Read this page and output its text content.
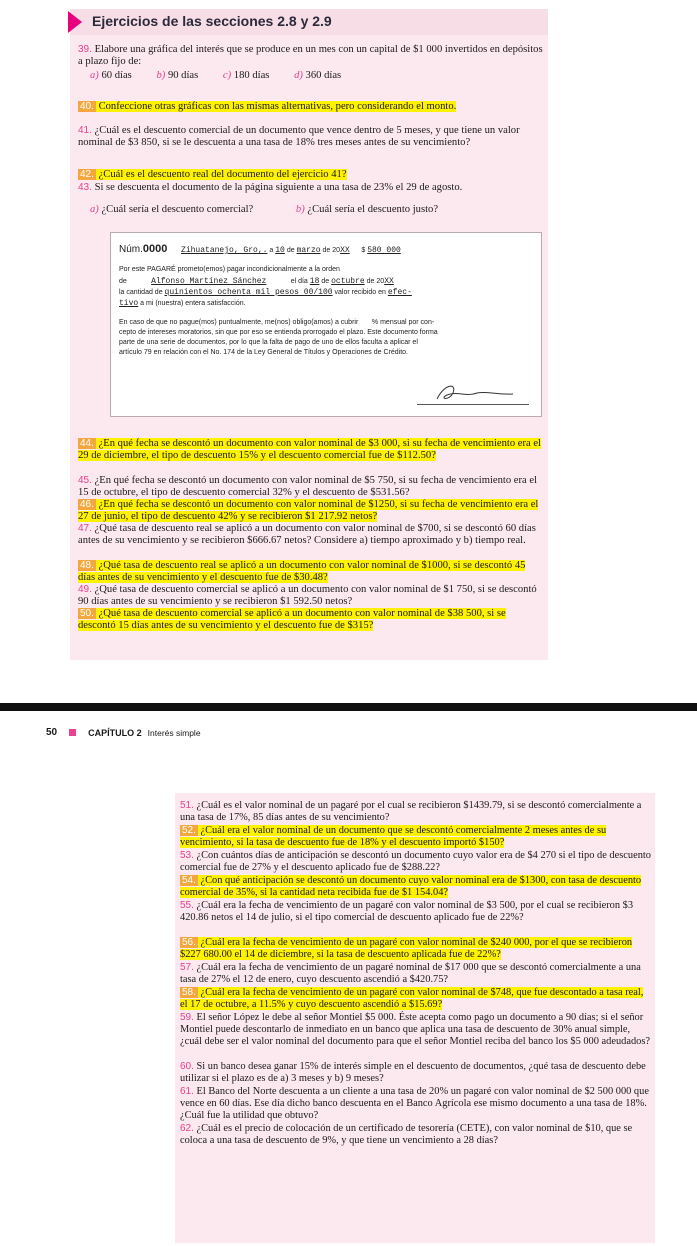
Ejercicios de las secciones 2.8 y 2.9
39. Elabore una gráfica del interés que se produce en un mes con un capital de $1 000 invertidos en depósitos a plazo fijo de:
a) 60 días b) 90 días c) 180 días d) 360 días
40. Confeccione otras gráficas con las mismas alternativas, pero considerando el monto.
41. ¿Cuál es el descuento comercial de un documento que vence dentro de 5 meses, y que tiene un valor nominal de $3 850, si se le descuenta a una tasa de 18% tres meses antes de su vencimiento?
42. ¿Cuál es el descuento real del documento del ejercicio 41?
43. Si se descuenta el documento de la página siguiente a una tasa de 23% el 29 de agosto.
a) ¿Cuál sería el descuento comercial?	b) ¿Cuál sería el descuento justo?
Núm.0000 Zihuatanejo, Gro,. a 10 de marzo de 20XX $ 580 000
Por este PAGARÉ prometo(emos) pagar incondicionalmente a la orden
de	Alfonso Martínez Sánchez	el día 18 de octubre de 20XX
la cantidad de quinientos ochenta mil pesos 00/100 valor recibido en efec-
tivo a mi (nuestra) entera satisfacción.
En caso de que no pague(mos) puntualmente, me(nos) obligo(amos) a cubrir % mensual por con-
cepto de intereses moratorios, sin que por eso se entienda prorrogado el plazo. Este documento forma
parte de una serie de documentos, por lo que la falta de pago de uno de ellos faculta a aplicar el
artículo 79 en relación con el No. 174 de la Ley General de Títulos y Operaciones de Crédito.
44. ¿En qué fecha se descontó un documento con valor nominal de $3 000, si su fecha de vencimiento era el 29 de diciembre, el tipo de descuento 15% y el descuento comercial fue de $112.50?
45. ¿En qué fecha se descontó un documento con valor nominal de $5 750, si su fecha de vencimiento era el 15 de octubre, el tipo de descuento comercial 32% y el descuento de $531.56?
46. ¿En qué fecha se descontó un documento con valor nominal de $1250, si su fecha de vencimiento era el 27 de junio, el tipo de descuento 42% y se recibieron $1 217.92 netos?
47. ¿Qué tasa de descuento real se aplicó a un documento con valor nominal de $700, si se descontó 60 días antes de su vencimiento y se recibieron $666.67 netos? Considere a) tiempo aproximado y b) tiempo real.
48. ¿Qué tasa de descuento real se aplicó a un documento con valor nominal de $1000, si se descontó 45 días antes de su vencimiento y el descuento fue de $30.48?
49. ¿Qué tasa de descuento comercial se aplicó a un documento con valor nominal de $1 750, si se descontó 90 días antes de su vencimiento y se recibieron $1 592.50 netos?
50. ¿Qué tasa de descuento comercial se aplicó a un documento con valor nominal de $38 500, si se descontó 15 días antes de su vencimiento y el descuento fue de $315?
50	CAPÍTULO 2 Interés simple
51. ¿Cuál es el valor nominal de un pagaré por el cual se recibieron $1439.79, si se descontó comercialmente a una tasa de 17%, 85 días antes de su vencimiento?
52. ¿Cuál era el valor nominal de un documento que se descontó comercialmente 2 meses antes de su vencimiento, si la tasa de descuento fue de 18% y el descuento importó $150?
53. ¿Con cuántos días de anticipación se descontó un documento cuyo valor era de $4 270 si el tipo de descuento comercial fue de 27% y el descuento aplicado fue de $288.22?
54. ¿Con qué anticipación se descontó un documento cuyo valor nominal era de $1300, con tasa de descuento comercial de 35%, si la cantidad neta recibida fue de $1 154.04?
55. ¿Cuál era la fecha de vencimiento de un pagaré con valor nominal de $3 500, por el cual se recibieron $3 420.86 netos el 14 de julio, si el tipo comercial de descuento aplicado fue de 22%?
56. ¿Cuál era la fecha de vencimiento de un pagaré con valor nominal de $240 000, por el que se recibieron $227 680.00 el 14 de diciembre, si la tasa de descuento aplicada fue de 22%?
57. ¿Cuál era la fecha de vencimiento de un pagaré nominal de $17 000 que se descontó comercialmente a una tasa de 27% el 12 de enero, cuyo descuento ascendió a $420.75?
58. ¿Cuál era la fecha de vencimiento de un pagaré con valor nominal de $748, que fue descontado a tasa real, el 17 de octubre, a 11.5% y cuyo descuento ascendió a $15.69?
59. El señor López le debe al señor Montiel $5 000. Éste acepta como pago un documento a 90 días; si el señor Montiel puede descontarlo de inmediato en un banco que aplica una tasa de descuento de 30% anual simple, ¿cuál debe ser el valor nominal del documento para que el señor Montiel reciba del banco los $5 000 adeudados?
60. Si un banco desea ganar 15% de interés simple en el descuento de documentos, ¿qué tasa de descuento debe utilizar si el plazo es de a) 3 meses y b) 9 meses?
61. El Banco del Norte descuenta a un cliente a una tasa de 20% un pagaré con valor nominal de $2 500 000 que vence en 60 días. Ese día dicho banco descuenta en el Banco Agrícola ese mismo documento a una tasa de 18%. ¿Cuál fue la utilidad que obtuvo?
62. ¿Cuál es el precio de colocación de un certificado de tesorería (CETE), con valor nominal de $10, que se coloca a una tasa de descuento de 9%, y que tiene un vencimiento a 28 días?
